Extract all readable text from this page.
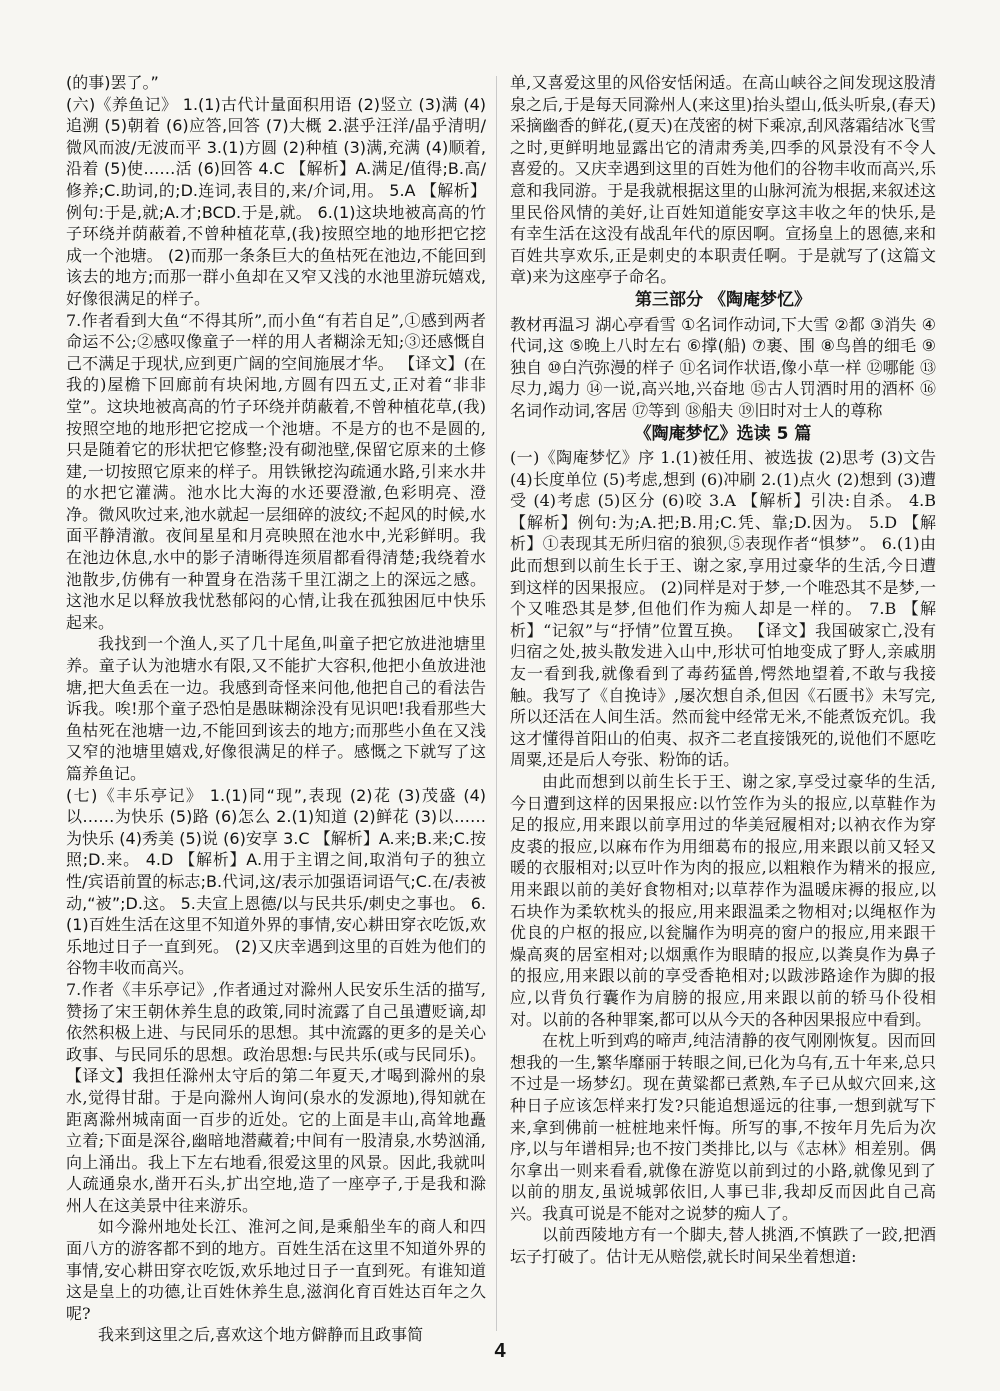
(的事)罢了。”

(六)《养鱼记》 1.(1)古代计量面积用语 (2)竖立 (3)满 (4)追溯 (5)朝着 (6)应答,回答 (7)大概 2.湛乎汪洋/晶乎清明/微风而波/无波而平 3.(1)方圆 (2)种植 (3)满,充满 (4)顺着,沿着 (5)使……活 (6)回答 4.C 【解析】A.满足/值得;B.高/修养;C.助词,的;D.连词,表目的,来/介词,用。 5.A 【解析】例句:于是,就;A.才;BCD.于是,就。 6.(1)这块地被高高的竹子环绕并荫蔽着,不曾种植花草,(我)按照空地的地形把它挖成一个池塘。 (2)而那一条条巨大的鱼枯死在池边,不能回到该去的地方;而那一群小鱼却在又窄又浅的水池里游玩嬉戏,好像很满足的样子。

7.作者看到大鱼“不得其所”,而小鱼“有若自足”,①感到两者命运不公;②感叹像童子一样的用人者糊涂无知;③还感慨自己不满足于现状,应到更广阔的空间施展才华。 【译文】(在我的)屋檐下回廊前有块闲地,方圆有四五丈,正对着“非非堂”。这块地被高高的竹子环绕并荫蔽着,不曾种植花草,(我)按照空地的地形把它挖成一个池塘。不是方的也不是圆的,只是随着它的形状把它修整;没有砌池壁,保留它原来的土修建,一切按照它原来的样子。用铁锹挖沟疏通水路,引来水井的水把它灌满。池水比大海的水还要澄澈,色彩明亮、澄净。微风吹过来,池水就起一层细碎的波纹;不起风的时候,水面平静清澈。夜间星星和月亮映照在池水中,光彩鲜明。我在池边休息,水中的影子清晰得连须眉都看得清楚;我绕着水池散步,仿佛有一种置身在浩荡千里江湖之上的深远之感。这池水足以释放我忧愁郁闷的心情,让我在孤独困厄中快乐起来。

我找到一个渔人,买了几十尾鱼,叫童子把它放进池塘里养。童子认为池塘水有限,又不能扩大容积,他把小鱼放进池塘,把大鱼丢在一边。我感到奇怪来问他,他把自己的看法告诉我。唉!那个童子恐怕是愚昧糊涂没有见识吧!我看那些大鱼枯死在池塘一边,不能回到该去的地方;而那些小鱼在又浅又窄的池塘里嬉戏,好像很满足的样子。感慨之下就写了这篇养鱼记。

(七)《丰乐亭记》 1.(1)同“现”,表现 (2)花 (3)茂盛 (4)以……为快乐 (5)路 (6)怎么 2.(1)知道 (2)鲜花 (3)以……为快乐 (4)秀美 (5)说 (6)安享 3.C 【解析】A.来;B.来;C.按照;D.来。 4.D 【解析】A.用于主谓之间,取消句子的独立性/宾语前置的标志;B.代词,这/表示加强语词语气;C.在/表被动,“被”;D.这。 5.夫宣上恩德/以与民共乐/刺史之事也。 6.(1)百姓生活在这里不知道外界的事情,安心耕田穿衣吃饭,欢乐地过日子一直到死。 (2)又庆幸遇到这里的百姓为他们的谷物丰收而高兴。

7.作者《丰乐亭记》,作者通过对滁州人民安乐生活的描写,赞扬了宋王朝休养生息的政策,同时流露了自己虽遭贬谪,却依然积极上进、与民同乐的思想。其中流露的更多的是关心政事、与民同乐的思想。政治思想:与民共乐(或与民同乐)。 【译文】我担任滁州太守后的第二年夏天,才喝到滁州的泉水,觉得甘甜。于是向滁州人询问(泉水的发源地),得知就在距离滁州城南面一百步的近处。它的上面是丰山,高耸地矗立着;下面是深谷,幽暗地潜藏着;中间有一股清泉,水势汹涌,向上涌出。我上下左右地看,很爱这里的风景。因此,我就叫人疏通泉水,凿开石头,扩出空地,造了一座亭子,于是我和滁州人在这美景中往来游乐。

如今滁州地处长江、淮河之间,是乘船坐车的商人和四面八方的游客都不到的地方。百姓生活在这里不知道外界的事情,安心耕田穿衣吃饭,欢乐地过日子一直到死。有谁知道这是皇上的功德,让百姓休养生息,滋润化育百姓达百年之久呢?

我来到这里之后,喜欢这个地方僻静而且政事简

单,又喜爱这里的风俗安恬闲适。在高山峡谷之间发现这股清泉之后,于是每天同滁州人(来这里)抬头望山,低头听泉,(春天)采摘幽香的鲜花,(夏天)在茂密的树下乘凉,刮风落霜结冰飞雪之时,更鲜明地显露出它的清肃秀美,四季的风景没有不令人喜爱的。又庆幸遇到这里的百姓为他们的谷物丰收而高兴,乐意和我同游。于是我就根据这里的山脉河流为根据,来叙述这里民俗风情的美好,让百姓知道能安享这丰收之年的快乐,是有幸生活在这没有战乱年代的原因啊。宣扬皇上的恩德,来和百姓共享欢乐,正是刺史的本职责任啊。于是就写了(这篇文章)来为这座亭子命名。

第三部分 《陶庵梦忆》

教材再温习 湖心亭看雪 ①名词作动词,下大雪 ②都 ③消失 ④代词,这 ⑤晚上八时左右 ⑥撑(船) ⑦裹、围 ⑧鸟兽的细毛 ⑨独自 ⑩白汽弥漫的样子 ⑪名词作状语,像小草一样 ⑫哪能 ⑬尽力,竭力 ⑭一说,高兴地,兴奋地 ⑮古人罚酒时用的酒杯 ⑯名词作动词,客居 ⑰等到 ⑱船夫 ⑲旧时对士人的尊称

《陶庵梦忆》选读 5 篇

(一)《陶庵梦忆》序 1.(1)被任用、被选拔 (2)思考 (3)文告 (4)长度单位 (5)考虑,想到 (6)冲刷 2.(1)点火 (2)想到 (3)遭受 (4)考虑 (5)区分 (6)咬 3.A 【解析】引决:自杀。 4.B 【解析】例句:为;A.把;B.用;C.凭、靠;D.因为。 5.D 【解析】①表现其无所归宿的狼狈,⑤表现作者“惧梦”。 6.(1)由此而想到以前生长于王、谢之家,享用过豪华的生活,今日遭到这样的因果报应。 (2)同样是对于梦,一个唯恐其不是梦,一个又唯恐其是梦,但他们作为痴人却是一样的。 7.B 【解析】“记叙”与“抒情”位置互换。 【译文】我国破家亡,没有归宿之处,披头散发进入山中,形状可怕地变成了野人,亲戚朋友一看到我,就像看到了毒药猛兽,愕然地望着,不敢与我接触。我写了《自挽诗》,屡次想自杀,但因《石匮书》未写完,所以还活在人间生活。然而瓮中经常无米,不能煮饭充饥。我这才懂得首阳山的伯夷、叔齐二老直接饿死的,说他们不愿吃周粟,还是后人夸张、粉饰的话。

由此而想到以前生长于王、谢之家,享受过豪华的生活,今日遭到这样的因果报应:以竹笠作为头的报应,以草鞋作为足的报应,用来跟以前享用过的华美冠履相对;以衲衣作为穿皮裘的报应,以麻布作为用细葛布的报应,用来跟以前又轻又暖的衣服相对;以豆叶作为肉的报应,以粗粮作为精米的报应,用来跟以前的美好食物相对;以草荐作为温暖床褥的报应,以石块作为柔软枕头的报应,用来跟温柔之物相对;以绳枢作为优良的户枢的报应,以瓮牖作为明亮的窗户的报应,用来跟干燥高爽的居室相对;以烟熏作为眼睛的报应,以粪臭作为鼻子的报应,用来跟以前的享受香艳相对;以跋涉路途作为脚的报应,以背负行囊作为肩膀的报应,用来跟以前的轿马仆役相对。以前的各种罪案,都可以从今天的各种因果报应中看到。

在枕上听到鸡的啼声,纯洁清静的夜气刚刚恢复。因而回想我的一生,繁华靡丽于转眼之间,已化为乌有,五十年来,总只不过是一场梦幻。现在黄粱都已煮熟,车子已从蚁穴回来,这种日子应该怎样来打发?只能追想遥远的往事,一想到就写下来,拿到佛前一桩桩地来忏悔。所写的事,不按年月先后为次序,以与年谱相异;也不按门类排比,以与《志林》相差别。偶尔拿出一则来看看,就像在游览以前到过的小路,就像见到了以前的朋友,虽说城郭依旧,人事已非,我却反而因此自己高兴。我真可说是不能对之说梦的痴人了。

以前西陵地方有一个脚夫,替人挑酒,不慎跌了一跤,把酒坛子打破了。估计无从赔偿,就长时间呆坐着想道:

4
